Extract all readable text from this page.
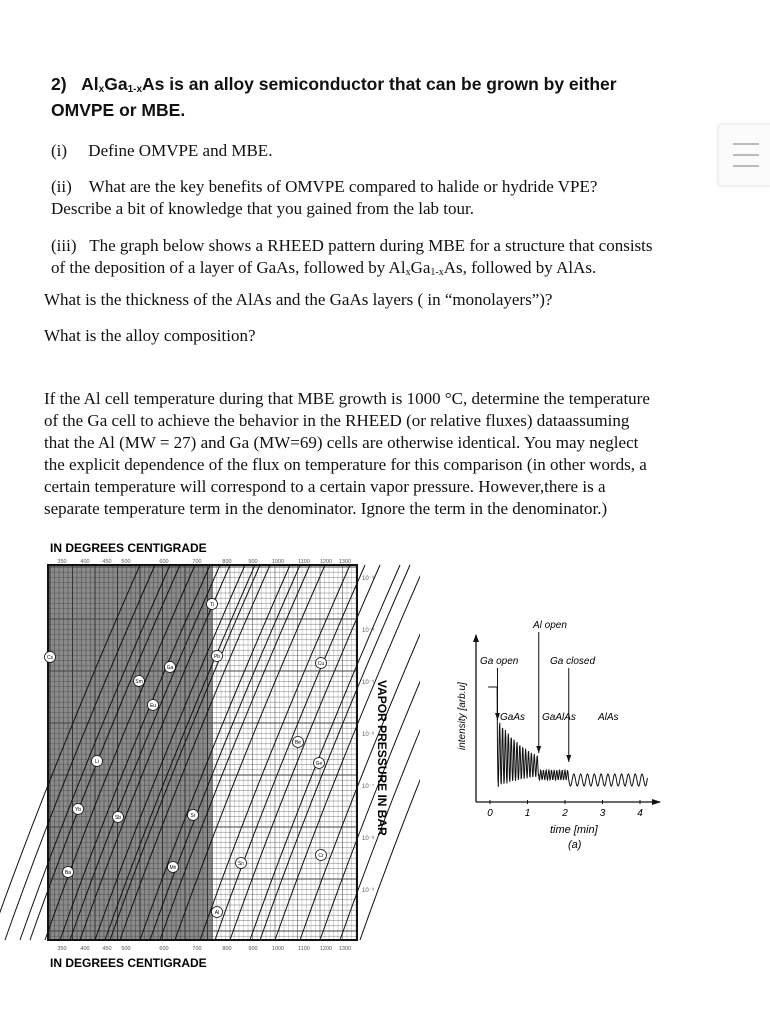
2) $Al_xGa_{1-x}As$ is an alloy semiconductor that can be grown by either
OMVPE or MBE.
(i) Define OMVPE and MBE.
(ii) What are the key benefits of OMVPE compared to halide or hydride VPE?
Describe a bit of knowledge that you gained from the lab tour.
(iii) The graph below shows a RHEED pattern during MBE for a structure that consists
of the deposition of a layer of GaAs, followed by $Al_xGa_{1-x}As$, followed by AlAs.
What is the thickness of the AlAs and the GaAs layers ( in “monolayers”)?
What is the alloy composition?
If the Al cell temperature during that MBE growth is 1000 °C, determine the temperature
of the Ga cell to achieve the behavior in the RHEED (or relative fluxes) dataassuming
that the Al (MW = 27) and Ga (MW=69) cells are otherwise identical. You may neglect
the explicit dependence of the flux on temperature for this comparison (in other words, a
certain temperature will correspond to a certain vapor pressure. However,there is a
separate temperature term in the denominator. Ignore the term in the denominator.)
IN DEGREES CENTIGRADE
350	400 450 500	600	700	800	900	1000	1100 1200 1300
350	400 450 500	600	700	800	900	1000	1100 1200 1300
Ti
Pb
Ga
Sm
Eu
Li
Yb
Sb	Sr
Ba
Mn
Al
Cu
Be
Ge
Sn
Cr
Cs
10⁻³
10⁻⁴
10⁻⁵
10⁻⁶
10⁻⁷
10⁻⁸
10⁻⁹
VAPOR PRESSURE IN BAR
IN DEGREES CENTIGRADE
0	1	2	3	4
intensity [arb.u]
time [min]
(a)
Ga open
Al open
Ga closed
GaAs GaAlAs AlAs
